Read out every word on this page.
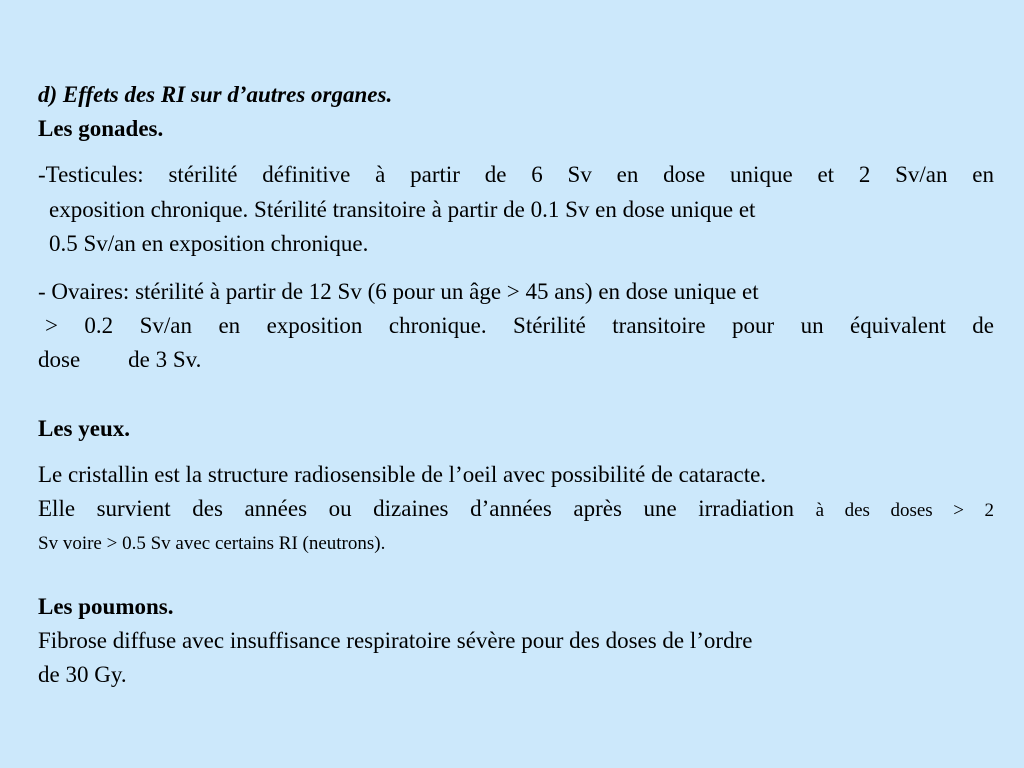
d) Effets des RI sur d’autres organes.
Les gonades.
-Testicules: stérilité définitive à partir de 6 Sv en dose unique et 2 Sv/an en
exposition chronique. Stérilité transitoire à partir de 0.1 Sv en dose unique et
0.5 Sv/an en exposition chronique.
- Ovaires: stérilité à partir de 12 Sv (6 pour un âge > 45 ans) en dose unique et
> 0.2 Sv/an en exposition chronique. Stérilité transitoire pour un équivalent de
dose de 3 Sv.
Les yeux.
Le cristallin est la structure radiosensible de l’oeil avec possibilité de cataracte.
Elle survient des années ou dizaines d’années après une irradiation à des doses > 2
Sv voire > 0.5 Sv avec certains RI (neutrons).
Les poumons.
Fibrose diffuse avec insuffisance respiratoire sévère pour des doses de l’ordre
de 30 Gy.
